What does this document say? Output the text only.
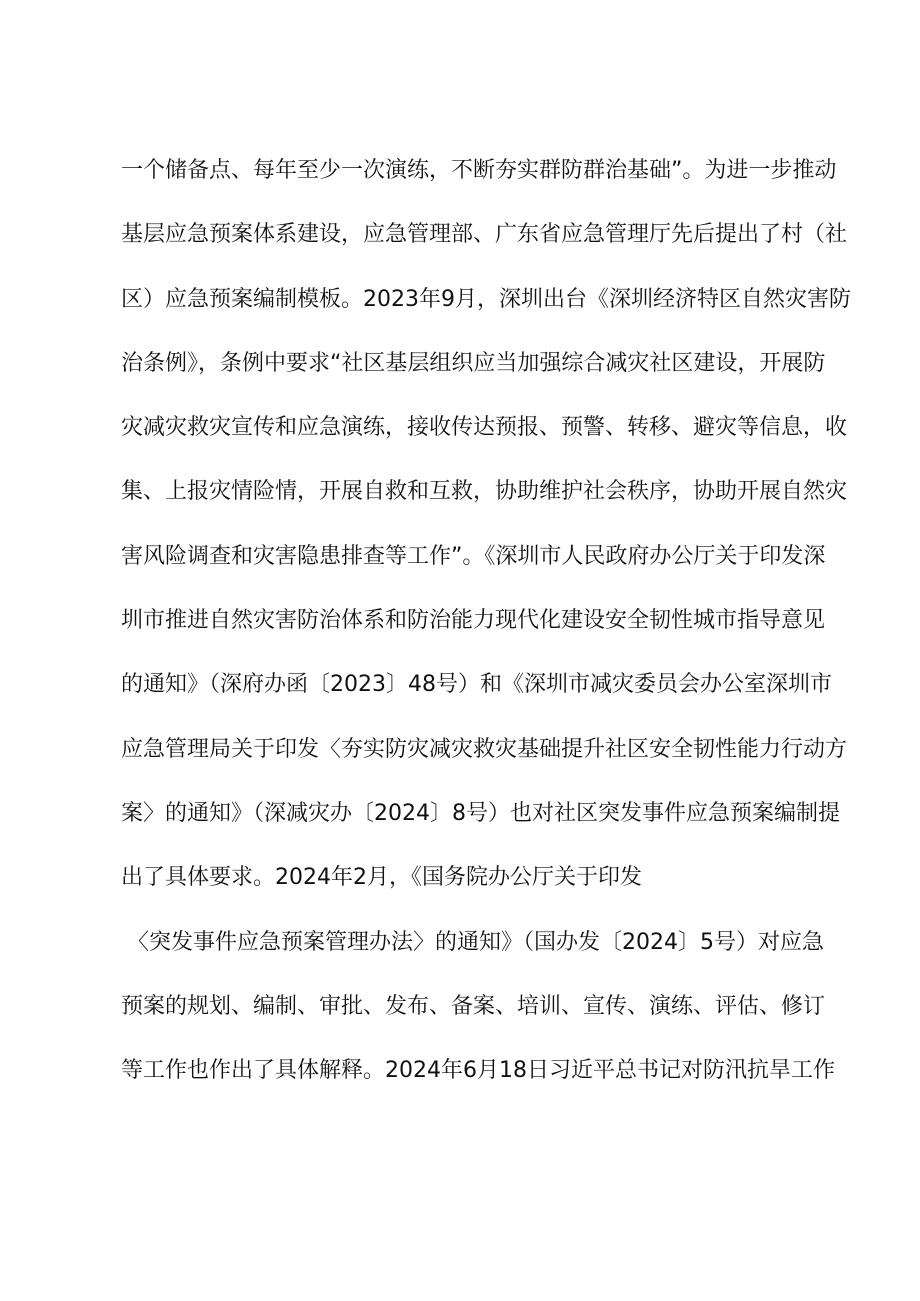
一个储备点、每年至少一次演练，不断夯实群防群治基础”。为进一步推动
基层应急预案体系建设，应急管理部、广东省应急管理厅先后提出了村（社
区）应急预案编制模板。2023年9月，深圳出台《深圳经济特区自然灾害防
治条例》，条例中要求“社区基层组织应当加强综合减灾社区建设，开展防
灾减灾救灾宣传和应急演练，接收传达预报、预警、转移、避灾等信息，收
集、上报灾情险情，开展自救和互救，协助维护社会秩序，协助开展自然灾
害风险调查和灾害隐患排查等工作”。《深圳市人民政府办公厅关于印发深
圳市推进自然灾害防治体系和防治能力现代化建设安全韧性城市指导意见
的通知》（深府办函〔2023〕48号）和《深圳市减灾委员会办公室深圳市
应急管理局关于印发〈夯实防灾减灾救灾基础提升社区安全韧性能力行动方
案〉的通知》（深减灾办〔2024〕8号）也对社区突发事件应急预案编制提
出了具体要求。2024年2月，《国务院办公厅关于印发
〈突发事件应急预案管理办法〉的通知》（国办发〔2024〕5号）对应急
预案的规划、编制、审批、发布、备案、培训、宣传、演练、评估、修订
等工作也作出了具体解释。2024年6月18日习近平总书记对防汛抗旱工作
